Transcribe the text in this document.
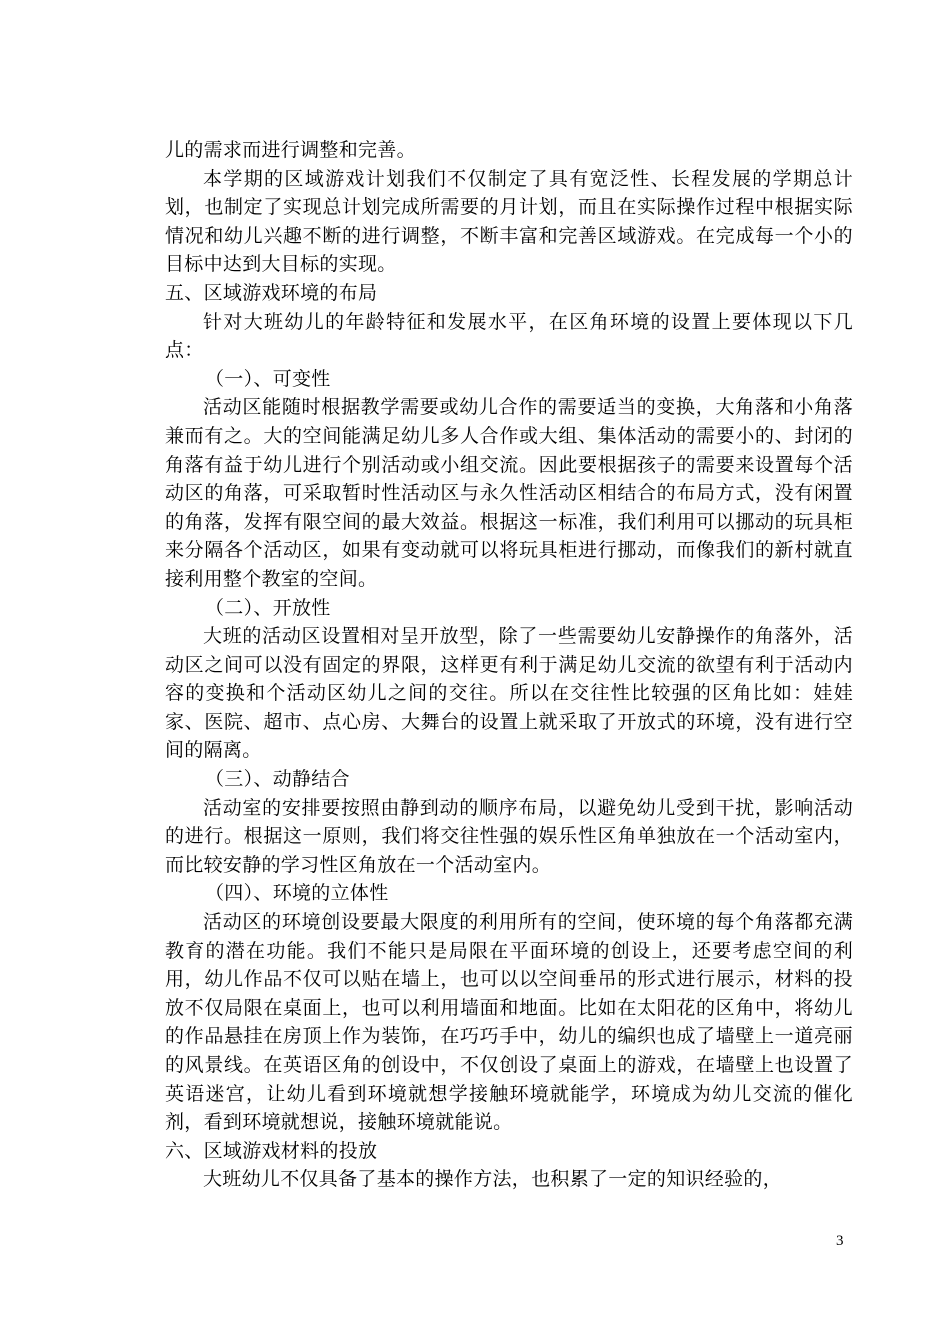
儿的需求而进行调整和完善。

本学期的区域游戏计划我们不仅制定了具有宽泛性、长程发展的学期总计划，也制定了实现总计划完成所需要的月计划，而且在实际操作过程中根据实际情况和幼儿兴趣不断的进行调整，不断丰富和完善区域游戏。在完成每一个小的目标中达到大目标的实现。

五、区域游戏环境的布局

针对大班幼儿的年龄特征和发展水平，在区角环境的设置上要体现以下几点：

（一）、可变性

活动区能随时根据教学需要或幼儿合作的需要适当的变换，大角落和小角落兼而有之。大的空间能满足幼儿多人合作或大组、集体活动的需要小的、封闭的角落有益于幼儿进行个别活动或小组交流。因此要根据孩子的需要来设置每个活动区的角落，可采取暂时性活动区与永久性活动区相结合的布局方式，没有闲置的角落，发挥有限空间的最大效益。根据这一标准，我们利用可以挪动的玩具柜来分隔各个活动区，如果有变动就可以将玩具柜进行挪动，而像我们的新村就直接利用整个教室的空间。

（二）、开放性

大班的活动区设置相对呈开放型，除了一些需要幼儿安静操作的角落外，活动区之间可以没有固定的界限，这样更有利于满足幼儿交流的欲望有利于活动内容的变换和个活动区幼儿之间的交往。所以在交往性比较强的区角比如：娃娃家、医院、超市、点心房、大舞台的设置上就采取了开放式的环境，没有进行空间的隔离。

（三）、动静结合

活动室的安排要按照由静到动的顺序布局，以避免幼儿受到干扰，影响活动的进行。根据这一原则，我们将交往性强的娱乐性区角单独放在一个活动室内，而比较安静的学习性区角放在一个活动室内。

（四）、环境的立体性

活动区的环境创设要最大限度的利用所有的空间，使环境的每个角落都充满教育的潜在功能。我们不能只是局限在平面环境的创设上，还要考虑空间的利用，幼儿作品不仅可以贴在墙上，也可以以空间垂吊的形式进行展示，材料的投放不仅局限在桌面上，也可以利用墙面和地面。比如在太阳花的区角中，将幼儿的作品悬挂在房顶上作为装饰，在巧巧手中，幼儿的编织也成了墙壁上一道亮丽的风景线。在英语区角的创设中，不仅创设了桌面上的游戏，在墙壁上也设置了英语迷宫，让幼儿看到环境就想学接触环境就能学，环境成为幼儿交流的催化剂，看到环境就想说，接触环境就能说。

六、区域游戏材料的投放

大班幼儿不仅具备了基本的操作方法，也积累了一定的知识经验的，

3
